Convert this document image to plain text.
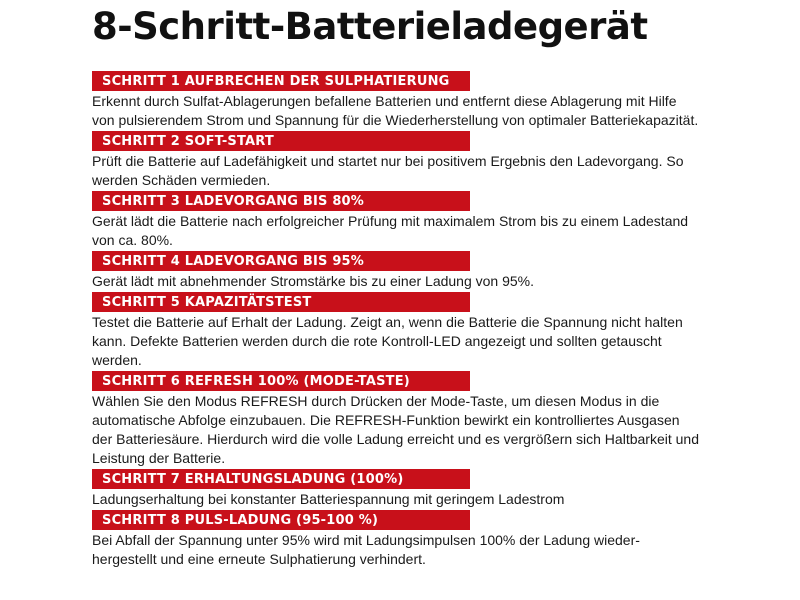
8-Schritt-Batterieladegerät
SCHRITT 1 AUFBRECHEN DER SULPHATIERUNG

Erkennt durch Sulfat-Ablagerungen befallene Batterien und entfernt diese Ablagerung mit Hilfe von pulsierendem Strom und Spannung für die Wiederherstellung von optimaler Batteriekapazität.

SCHRITT 2 SOFT-START

Prüft die Batterie auf Ladefähigkeit und startet nur bei positivem Ergebnis den Ladevorgang. So werden Schäden vermieden.

SCHRITT 3 LADEVORGANG BIS 80%

Gerät lädt die Batterie nach erfolgreicher Prüfung mit maximalem Strom bis zu einem Ladestand von ca. 80%.

SCHRITT 4 LADEVORGANG BIS 95%

Gerät lädt mit abnehmender Stromstärke bis zu einer Ladung von 95%.

SCHRITT 5 KAPAZITÄTSTEST

Testet die Batterie auf Erhalt der Ladung. Zeigt an, wenn die Batterie die Spannung nicht halten kann. Defekte Batterien werden durch die rote Kontroll-LED angezeigt und sollten getauscht werden.

SCHRITT 6 REFRESH 100% (MODE-TASTE)

Wählen Sie den Modus REFRESH durch Drücken der Mode-Taste, um diesen Modus in die automatische Abfolge einzubauen. Die REFRESH-Funktion bewirkt ein kontrolliertes Ausgasen der Batteriesäure. Hierdurch wird die volle Ladung erreicht und es vergrößern sich Haltbarkeit und Leistung der Batterie.

SCHRITT 7 ERHALTUNGSLADUNG (100%)

Ladungserhaltung bei konstanter Batteriespannung mit geringem Ladestrom

SCHRITT 8 PULS-LADUNG (95-100 %)

Bei Abfall der Spannung unter 95% wird mit Ladungsimpulsen 100% der Ladung wieder-hergestellt und eine erneute Sulphatierung verhindert.
